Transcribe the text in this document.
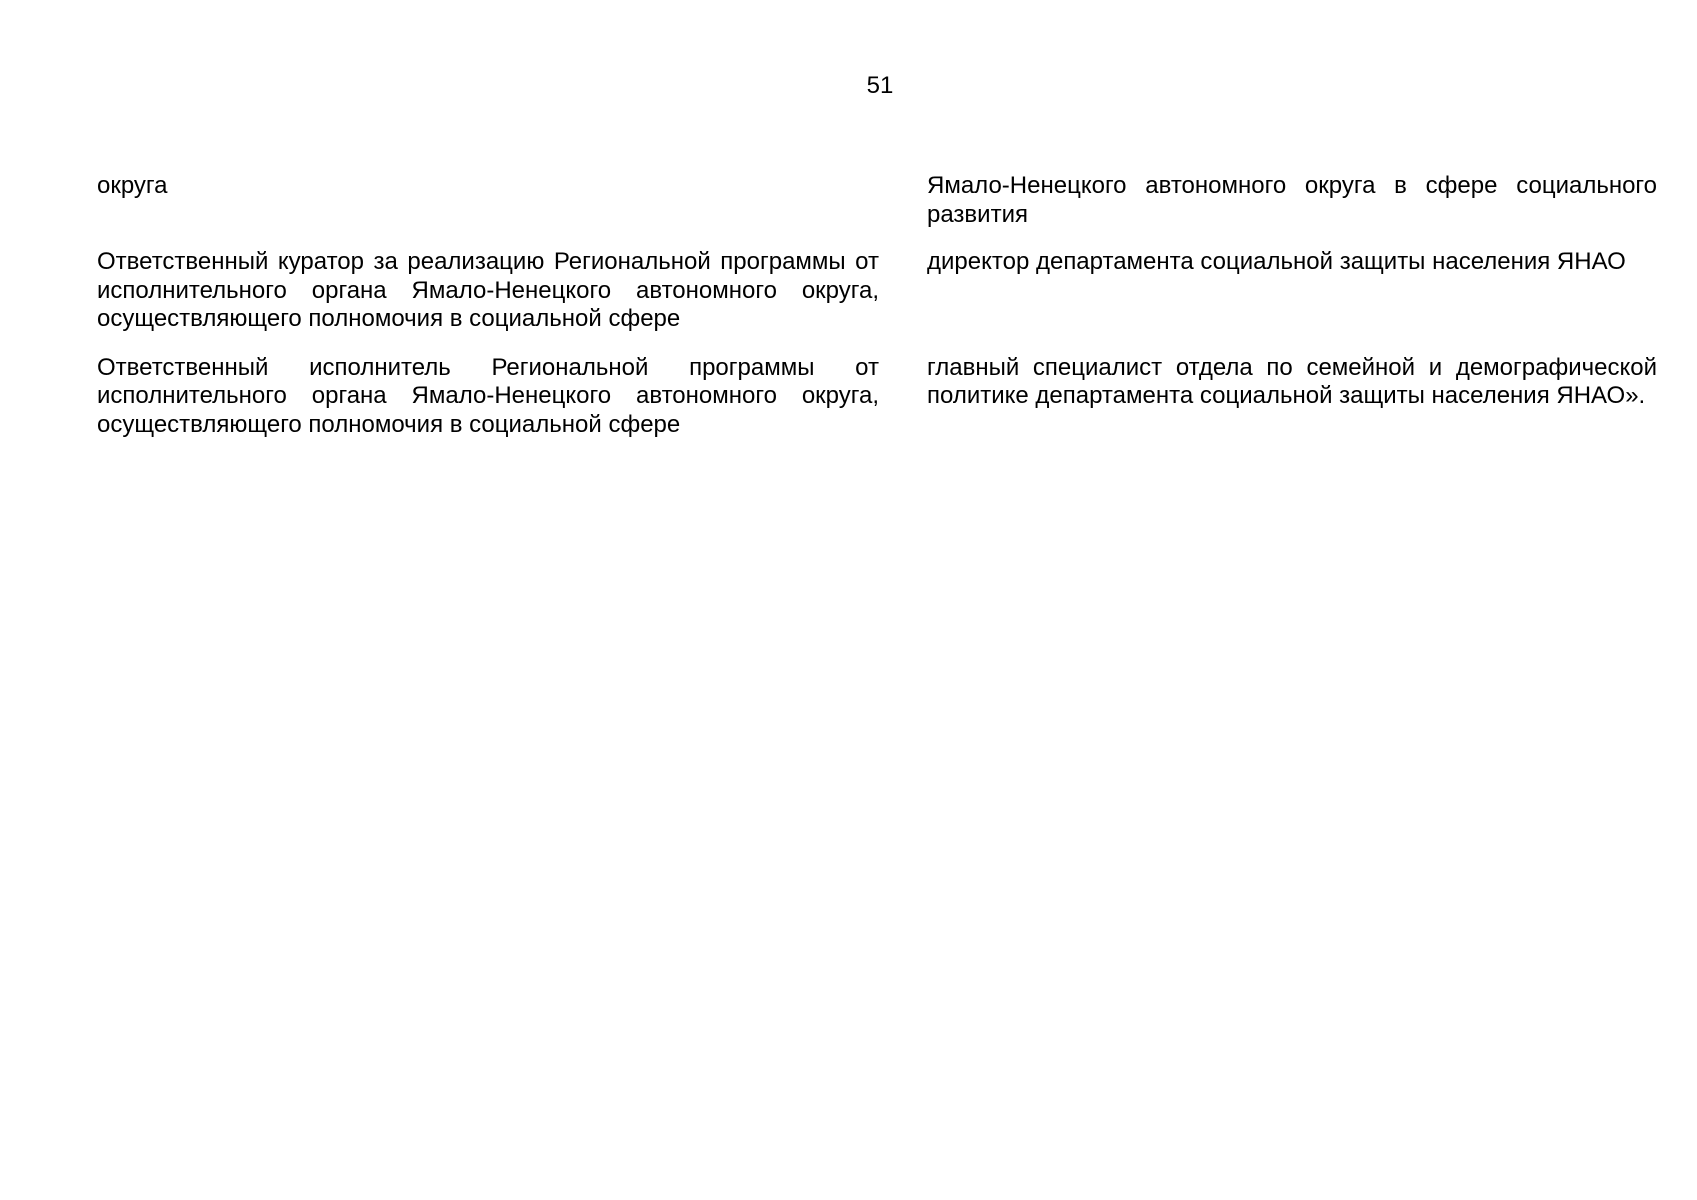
51
округа	Ямало-Ненецкого автономного округа в сфере социального развития
Ответственный куратор за реализацию Региональной программы от исполнительного органа Ямало-Ненецкого автономного округа, осуществляющего полномочия в социальной сфере
директор департамента социальной защиты населения ЯНАО
Ответственный исполнитель Региональной программы от исполнительного органа Ямало-Ненецкого автономного округа, осуществляющего полномочия в социальной сфере
главный специалист отдела по семейной и демографической политике департамента социальной защиты населения ЯНАО».
